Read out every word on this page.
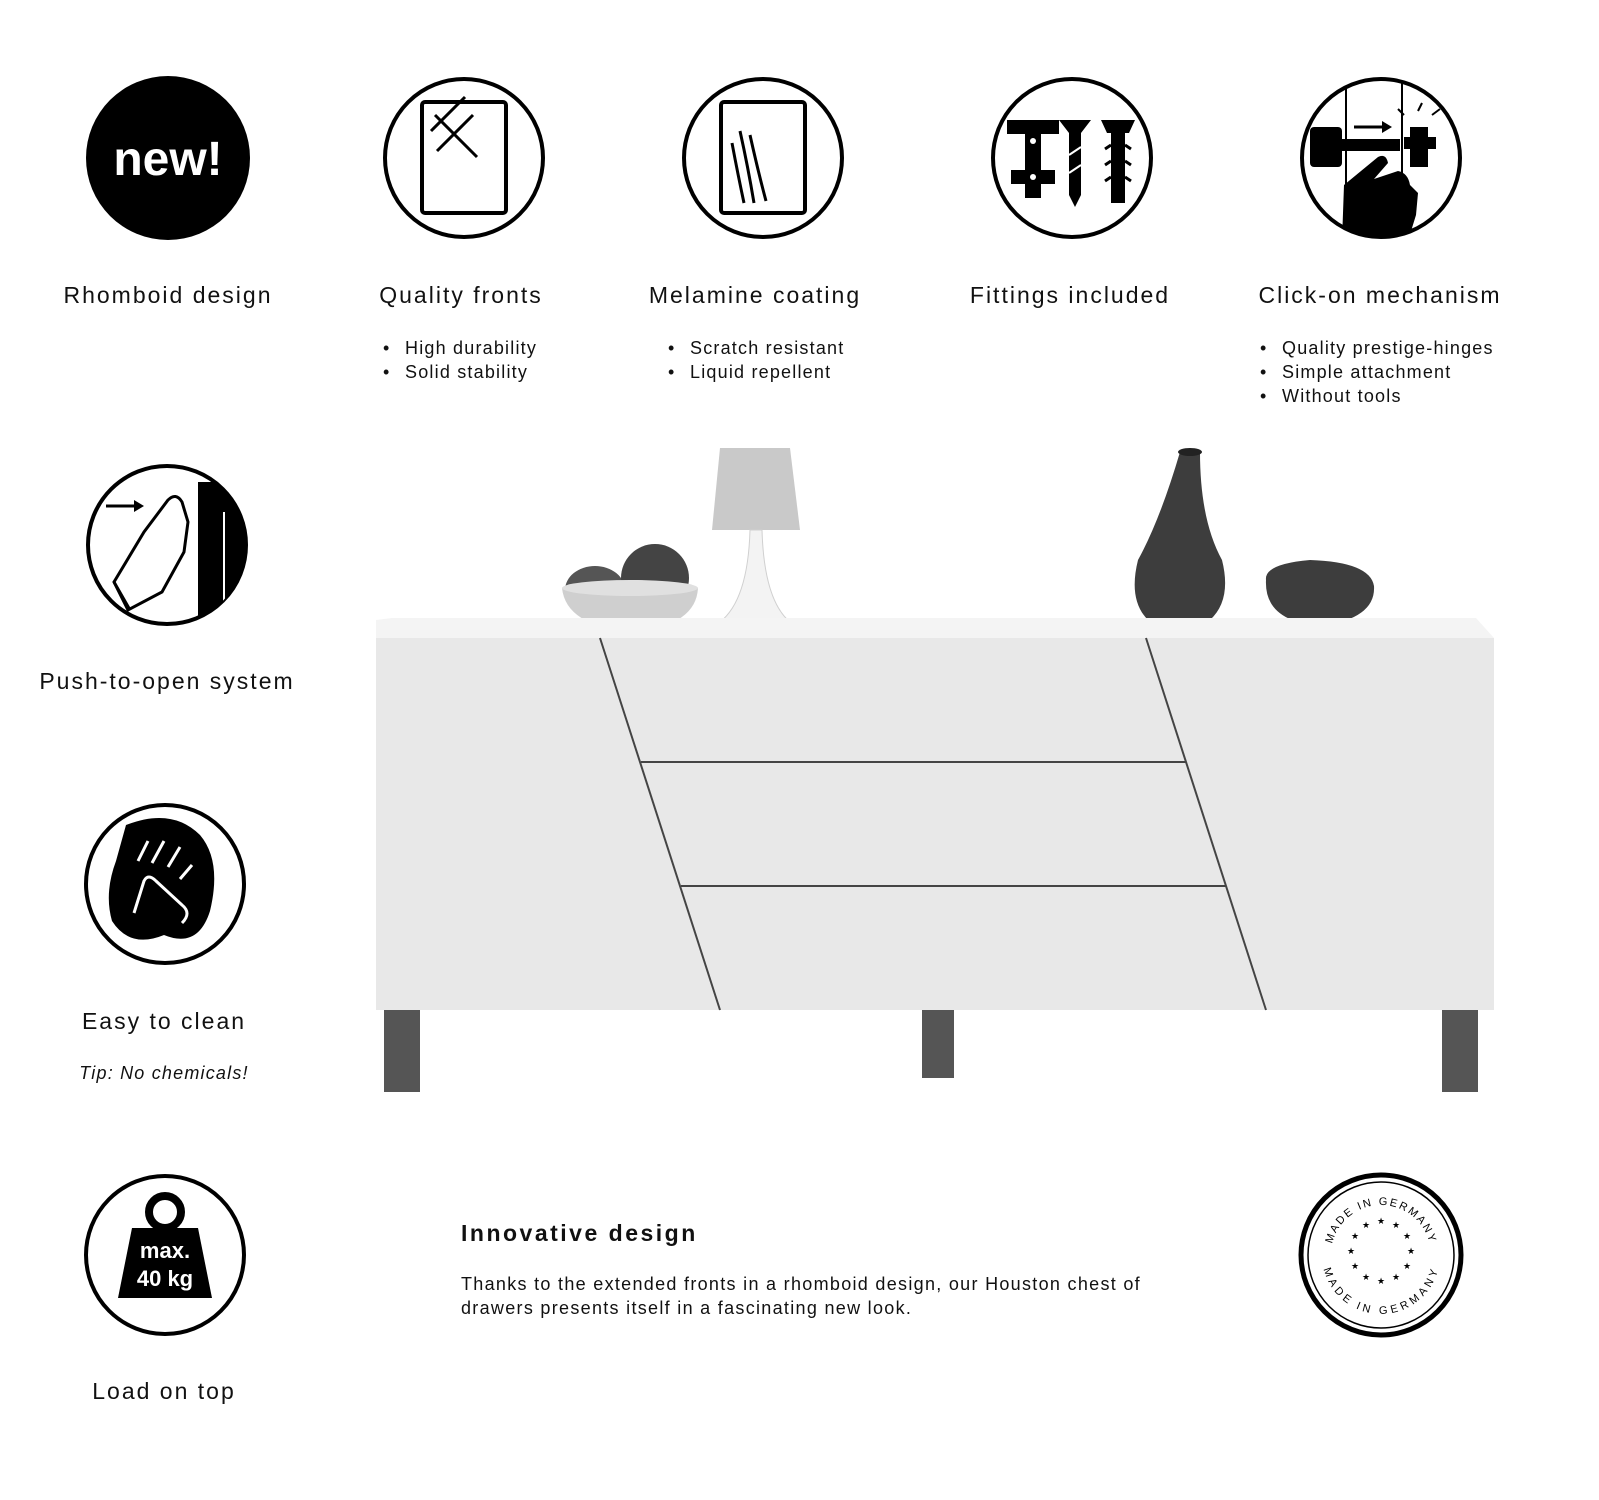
new!
Rhomboid design	Quality fronts
• High durability
• Solid stability
Melamine coating
• Scratch resistant
• Liquid repellent
Fittings included	Click-on mechanism
• Quality prestige-hinges
• Simple attachment
• Without tools
Push-to-open system
Easy to clean
Tip: No chemicals!
max.
40 kg
Load on top
Innovative design
Thanks to the extended fronts in a rhomboid design, our Houston chest of drawers presents itself in a fascinating new look.
MADE IN GERMANY
MADE IN GERMANY
★ ★
★
★
★
★
★
★
★
★
★
★
